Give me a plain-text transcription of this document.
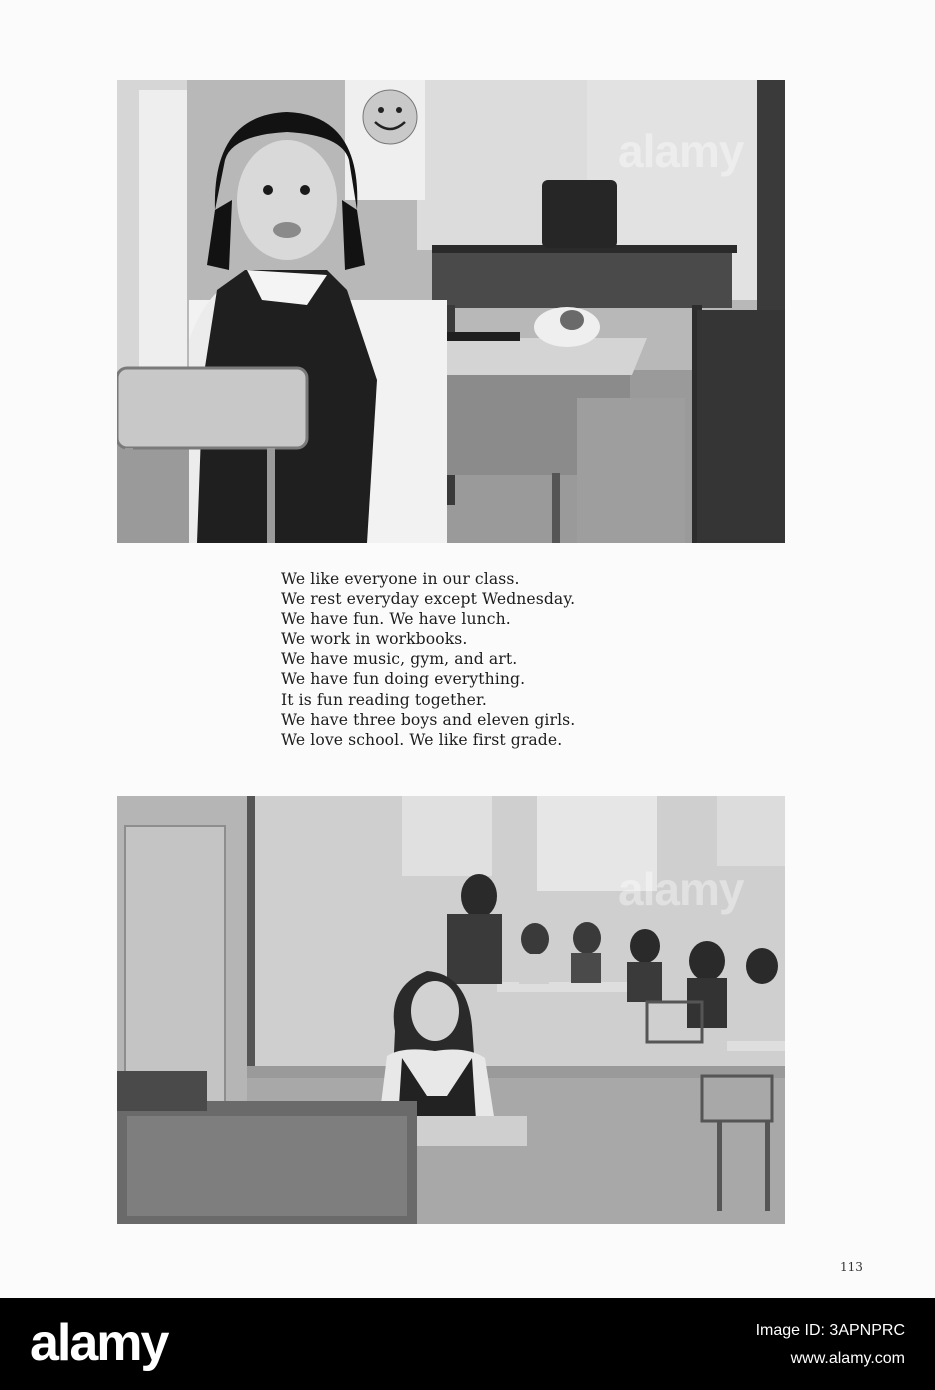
alamy
We like everyone in our class.
We rest everyday except Wednesday.
We have fun. We have lunch.
We work in workbooks.
We have music, gym, and art.
We have fun doing everything.
It is fun reading together.
We have three boys and eleven girls.
We love school. We like first grade.
alamy
113
alamy	Image ID: 3APNPRC
www.alamy.com
